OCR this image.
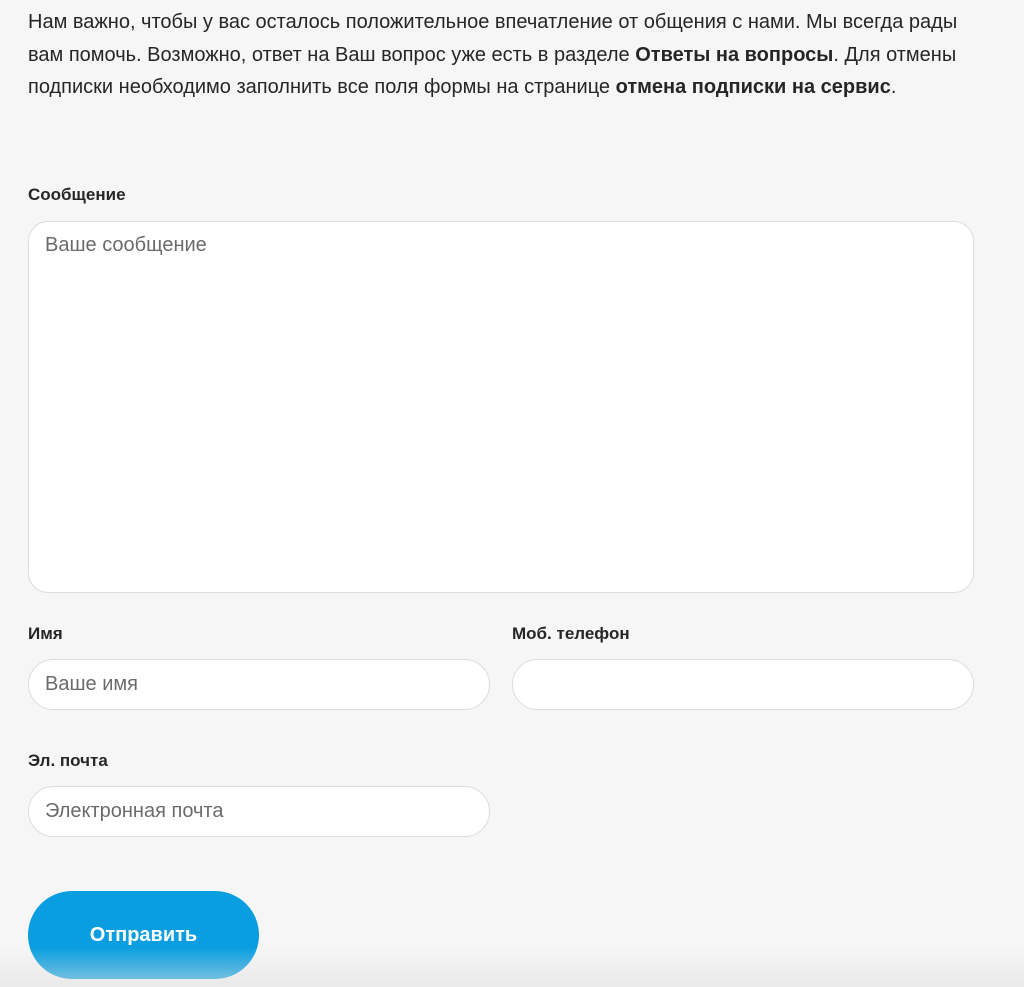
Нам важно, чтобы у вас осталось положительное впечатление от общения с нами. Мы всегда рады вам помочь. Возможно, ответ на Ваш вопрос уже есть в разделе Ответы на вопросы. Для отмены подписки необходимо заполнить все поля формы на странице отмена подписки на сервис.

Сообщение
Ваше сообщение
Имя
Ваше имя	Моб. телефон
Эл. почта
Электронная почта
Отправить
